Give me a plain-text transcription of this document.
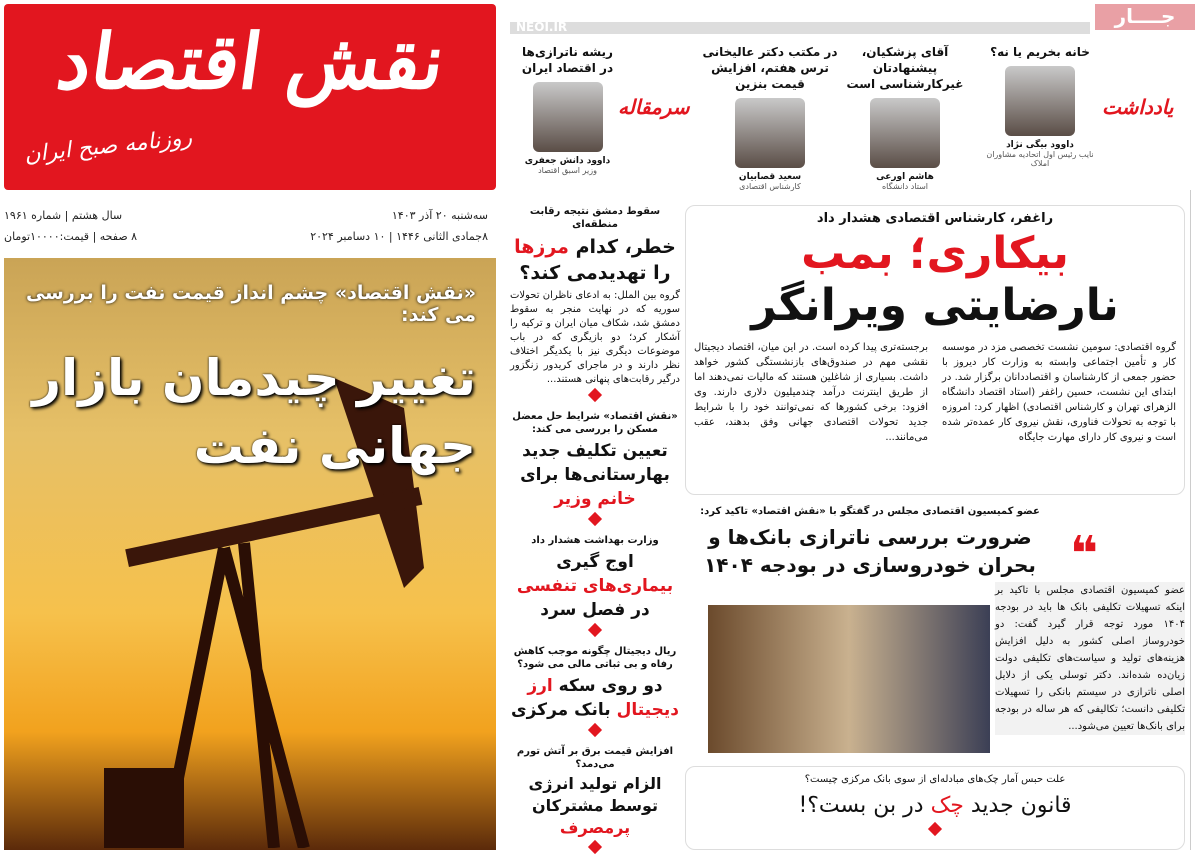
نقش اقتصاد
روزنامه صبح ایران
سه‌شنبه ۲۰ آذر ۱۴۰۳
سال هشتم | شماره ۱۹۶۱
۸جمادی الثانی ۱۴۴۶ | ۱۰ دسامبر ۲۰۲۴
۸ صفحه | قیمت:۱۰۰۰۰تومان
«نقش اقتصاد» چشم انداز قیمت نفت را بررسی می کند:
تغییر چیدمان بازار جهانی نفت
NEOI.IR	جــــار
یادداشت
سرمقاله
خانه بخریم یا نه؟
داوود بیگی نژاد
نایب رئیس اول اتحادیه مشاوران املاک
آقای پزشکیان، پیشنهادتان غیرکارشناسی است
هاشم اورعی
استاد دانشگاه
در مکتب دکتر عالیخانی ترس هفتم، افزایش قیمت بنزین
سعید قصابیان
کارشناس اقتصادی
ریشه ناترازی‌ها در اقتصاد ایران
داوود دانش جعفری
وزیر اسبق اقتصاد
راغفر، کارشناس اقتصادی هشدار داد
بیکاری؛ بمب
نارضایتی ویرانگر
گروه اقتصادی: سومین نشست تخصصی مزد در موسسه کار و تأمین اجتماعی وابسته به وزارت کار دیروز با حضور جمعی از کارشناسان و اقتصاددانان برگزار شد. در ابتدای این نشست، حسین راغفر (استاد اقتصاد دانشگاه الزهرای تهران و کارشناس اقتصادی) اظهار کرد: امروزه با توجه به تحولات فناوری، نقش نیروی کار عمده‌تر شده است و نیروی کار دارای مهارت جایگاه
برجسته‌تری پیدا کرده است. در این میان، اقتصاد دیجیتال نقشی مهم در صندوق‌های بازنشستگی کشور خواهد داشت. بسیاری از شاغلین هستند که مالیات نمی‌دهند اما از طریق اینترنت درآمد چندمیلیون دلاری دارند. وی افزود: برخی کشورها که نمی‌توانند خود را با شرایط جدید تحولات اقتصادی جهانی وفق بدهند، عقب می‌مانند...
عضو کمیسیون اقتصادی مجلس در گفتگو با «نقش اقتصاد» تاکید کرد:
ضرورت بررسی ناترازی بانک‌ها و
بحران خودروسازی در بودجه ۱۴۰۴ ❝
عضو کمیسیون اقتصادی مجلس با تاکید بر اینکه تسهیلات تکلیفی بانک ها باید در بودجه ۱۴۰۴ مورد توجه قرار گیرد گفت: دو خودروساز اصلی کشور به دلیل افزایش هزینه‌های تولید و سیاست‌های تکلیفی دولت زیان‌ده شده‌اند. دکتر توسلی یکی از دلایل اصلی ناترازی در سیستم بانکی را تسهیلات تکلیفی دانست؛ تکالیفی که هر ساله در بودجه برای بانک‌ها تعیین می‌شود...
علت حبس آمار چک‌های مبادله‌ای از سوی بانک مرکزی چیست؟
قانون جدید چک در بن بست؟!
سقوط دمشق نتیجه رقابت منطقه‌ای
خطر، کدام مرزها را تهدیدمی کند؟

گروه بین الملل: به ادعای ناظران تحولات سوریه که در نهایت منجر به سقوط دمشق شد، شکاف میان ایران و ترکیه را آشکار کرد؛ دو بازیگری که در باب موضوعات دیگری نیز با یکدیگر اختلاف نظر دارند و در ماجرای کریدور زنگزور درگیر رقابت‌های پنهانی هستند...

«نقش اقتصاد» شرایط حل معضل مسکن را بررسی می کند:
تعیین تکلیف جدید بهارستانی‌ها برای خانم وزیر
وزارت بهداشت هشدار داد
اوج گیری بیماری‌های تنفسی در فصل سرد
ریال دیجیتال چگونه موجب کاهش رفاه و بی ثباتی مالی می شود؟
دو روی سکه ارز دیجیتال بانک مرکزی
افزایش قیمت برق بر آتش تورم می‌دمد؟
الزام تولید انرژی توسط مشترکان پرمصرف
